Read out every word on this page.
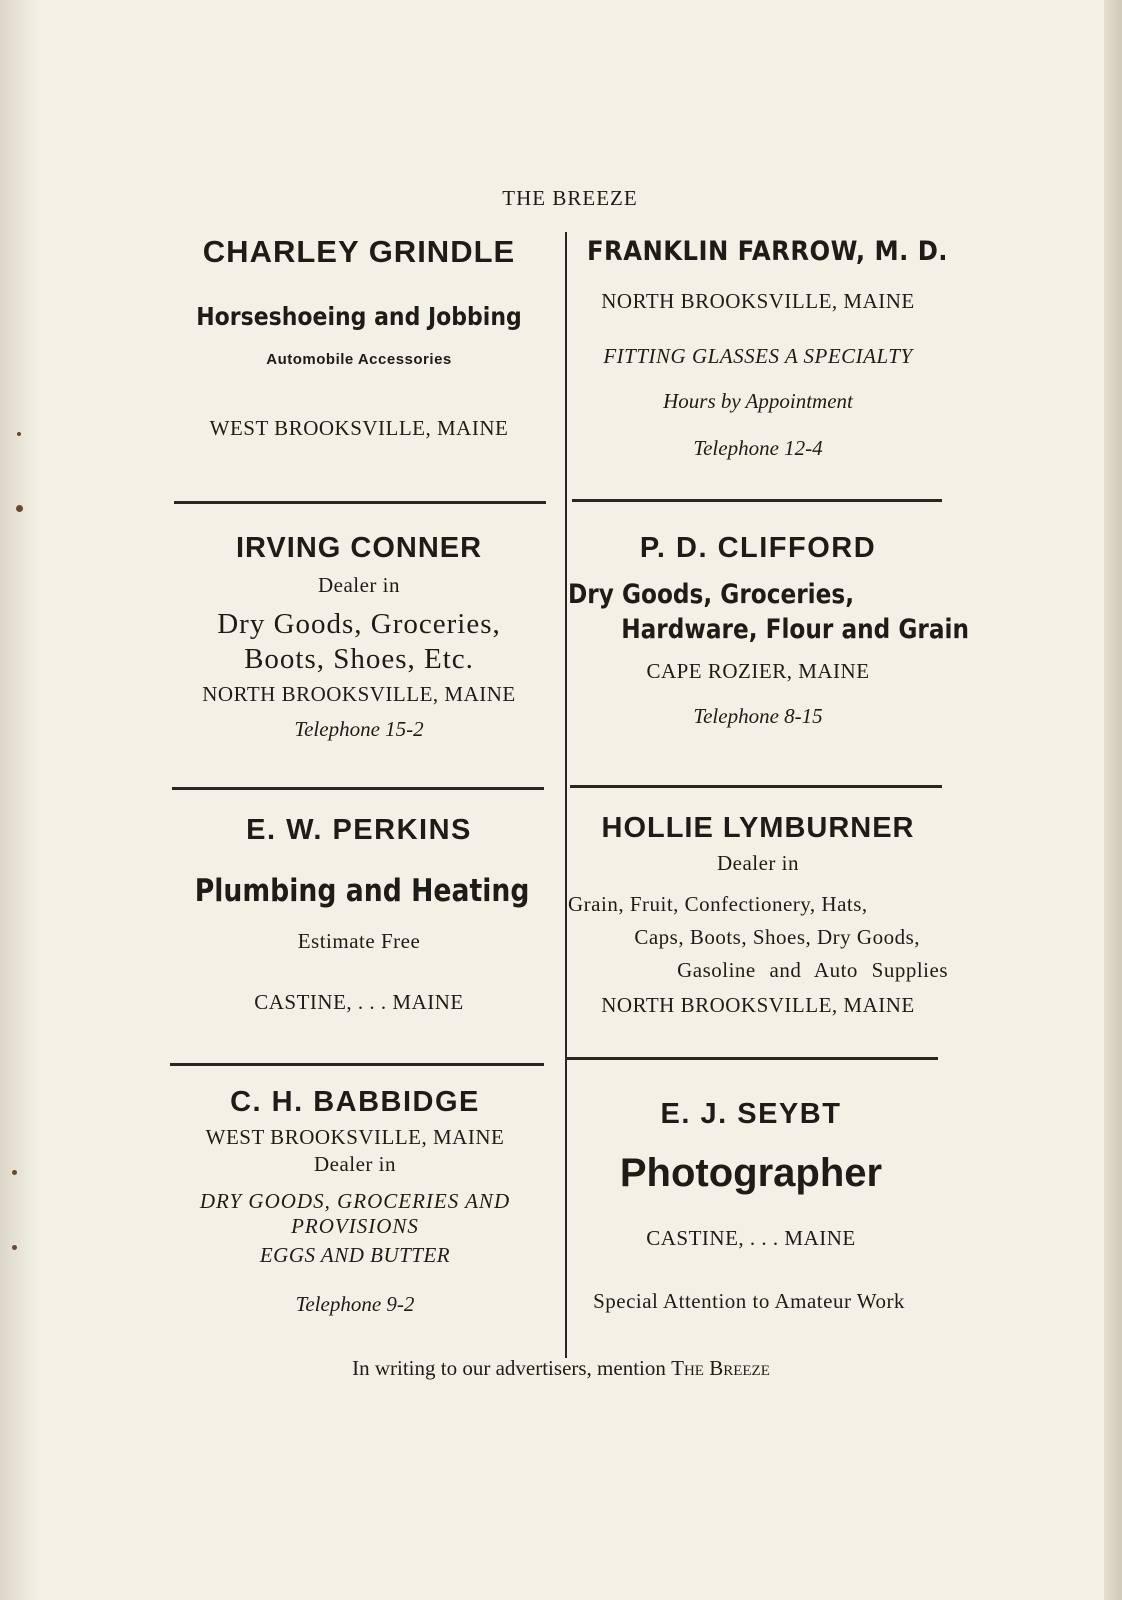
THE BREEZE
CHARLEY GRINDLE
Horseshoeing and Jobbing
Automobile Accessories
WEST BROOKSVILLE, MAINE
IRVING CONNER
Dealer in
Dry Goods, Groceries,
Boots, Shoes, Etc.
NORTH BROOKSVILLE, MAINE
Telephone 15-2
E. W. PERKINS
Plumbing and Heating
Estimate Free
CASTINE, . . . MAINE
C. H. BABBIDGE
WEST BROOKSVILLE, MAINE
Dealer in
DRY GOODS, GROCERIES AND
PROVISIONS
EGGS AND BUTTER
Telephone 9-2
FRANKLIN FARROW, M. D.
NORTH BROOKSVILLE, MAINE
FITTING GLASSES A SPECIALTY
Hours by Appointment
Telephone 12-4
P. D. CLIFFORD
Dry Goods, Groceries,
Hardware, Flour and Grain
CAPE ROZIER, MAINE
Telephone 8-15
HOLLIE LYMBURNER
Dealer in
Grain, Fruit, Confectionery, Hats,
Caps, Boots, Shoes, Dry Goods,
Gasoline and Auto Supplies
NORTH BROOKSVILLE, MAINE
E. J. SEYBT
Photographer
CASTINE, . . . MAINE
Special Attention to Amateur Work
In writing to our advertisers, mention The Breeze
